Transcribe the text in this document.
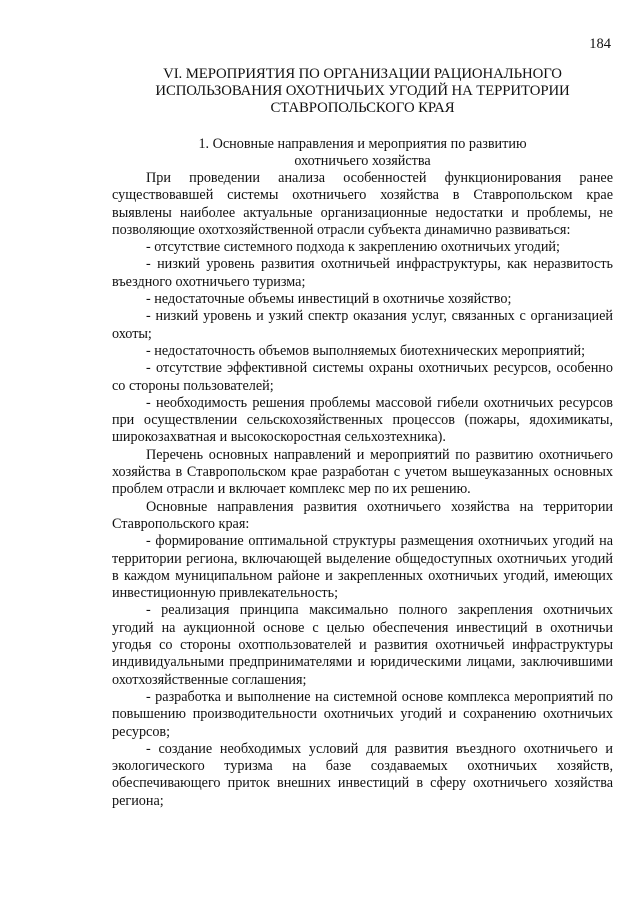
184
VI. МЕРОПРИЯТИЯ ПО ОРГАНИЗАЦИИ РАЦИОНАЛЬНОГО
ИСПОЛЬЗОВАНИЯ ОХОТНИЧЬИХ УГОДИЙ НА ТЕРРИТОРИИ
СТАВРОПОЛЬСКОГО КРАЯ
1. Основные направления и мероприятия по развитию
охотничьего хозяйства

При проведении анализа особенностей функционирования ранее существовавшей системы охотничьего хозяйства в Ставропольском крае выявлены наиболее актуальные организационные недостатки и проблемы, не позволяющие охотхозяйственной отрасли субъекта динамично развиваться:

- отсутствие системного подхода к закреплению охотничьих угодий;

- низкий уровень развития охотничьей инфраструктуры, как неразвитость въездного охотничьего туризма;

- недостаточные объемы инвестиций в охотничье хозяйство;

- низкий уровень и узкий спектр оказания услуг, связанных с организацией охоты;

- недостаточность объемов выполняемых биотехнических мероприятий;

- отсутствие эффективной системы охраны охотничьих ресурсов, особенно со стороны пользователей;

- необходимость решения проблемы массовой гибели охотничьих ресурсов при осуществлении сельскохозяйственных процессов (пожары, ядохимикаты, широкозахватная и высокоскоростная сельхозтехника).

Перечень основных направлений и мероприятий по развитию охотничьего хозяйства в Ставропольском крае разработан с учетом вышеуказанных основных проблем отрасли и включает комплекс мер по их решению.

Основные направления развития охотничьего хозяйства на территории Ставропольского края:

- формирование оптимальной структуры размещения охотничьих угодий на территории региона, включающей выделение общедоступных охотничьих угодий в каждом муниципальном районе и закрепленных охотничьих угодий, имеющих инвестиционную привлекательность;

- реализация принципа максимально полного закрепления охотничьих угодий на аукционной основе с целью обеспечения инвестиций в охотничьи угодья со стороны охотпользователей и развития охотничьей инфраструктуры индивидуальными предпринимателями и юридическими лицами, заключившими охотхозяйственные соглашения;

- разработка и выполнение на системной основе комплекса мероприятий по повышению производительности охотничьих угодий и сохранению охотничьих ресурсов;

- создание необходимых условий для развития въездного охотничьего и экологического туризма на базе создаваемых охотничьих хозяйств, обеспечивающего приток внешних инвестиций в сферу охотничьего хозяйства региона;
